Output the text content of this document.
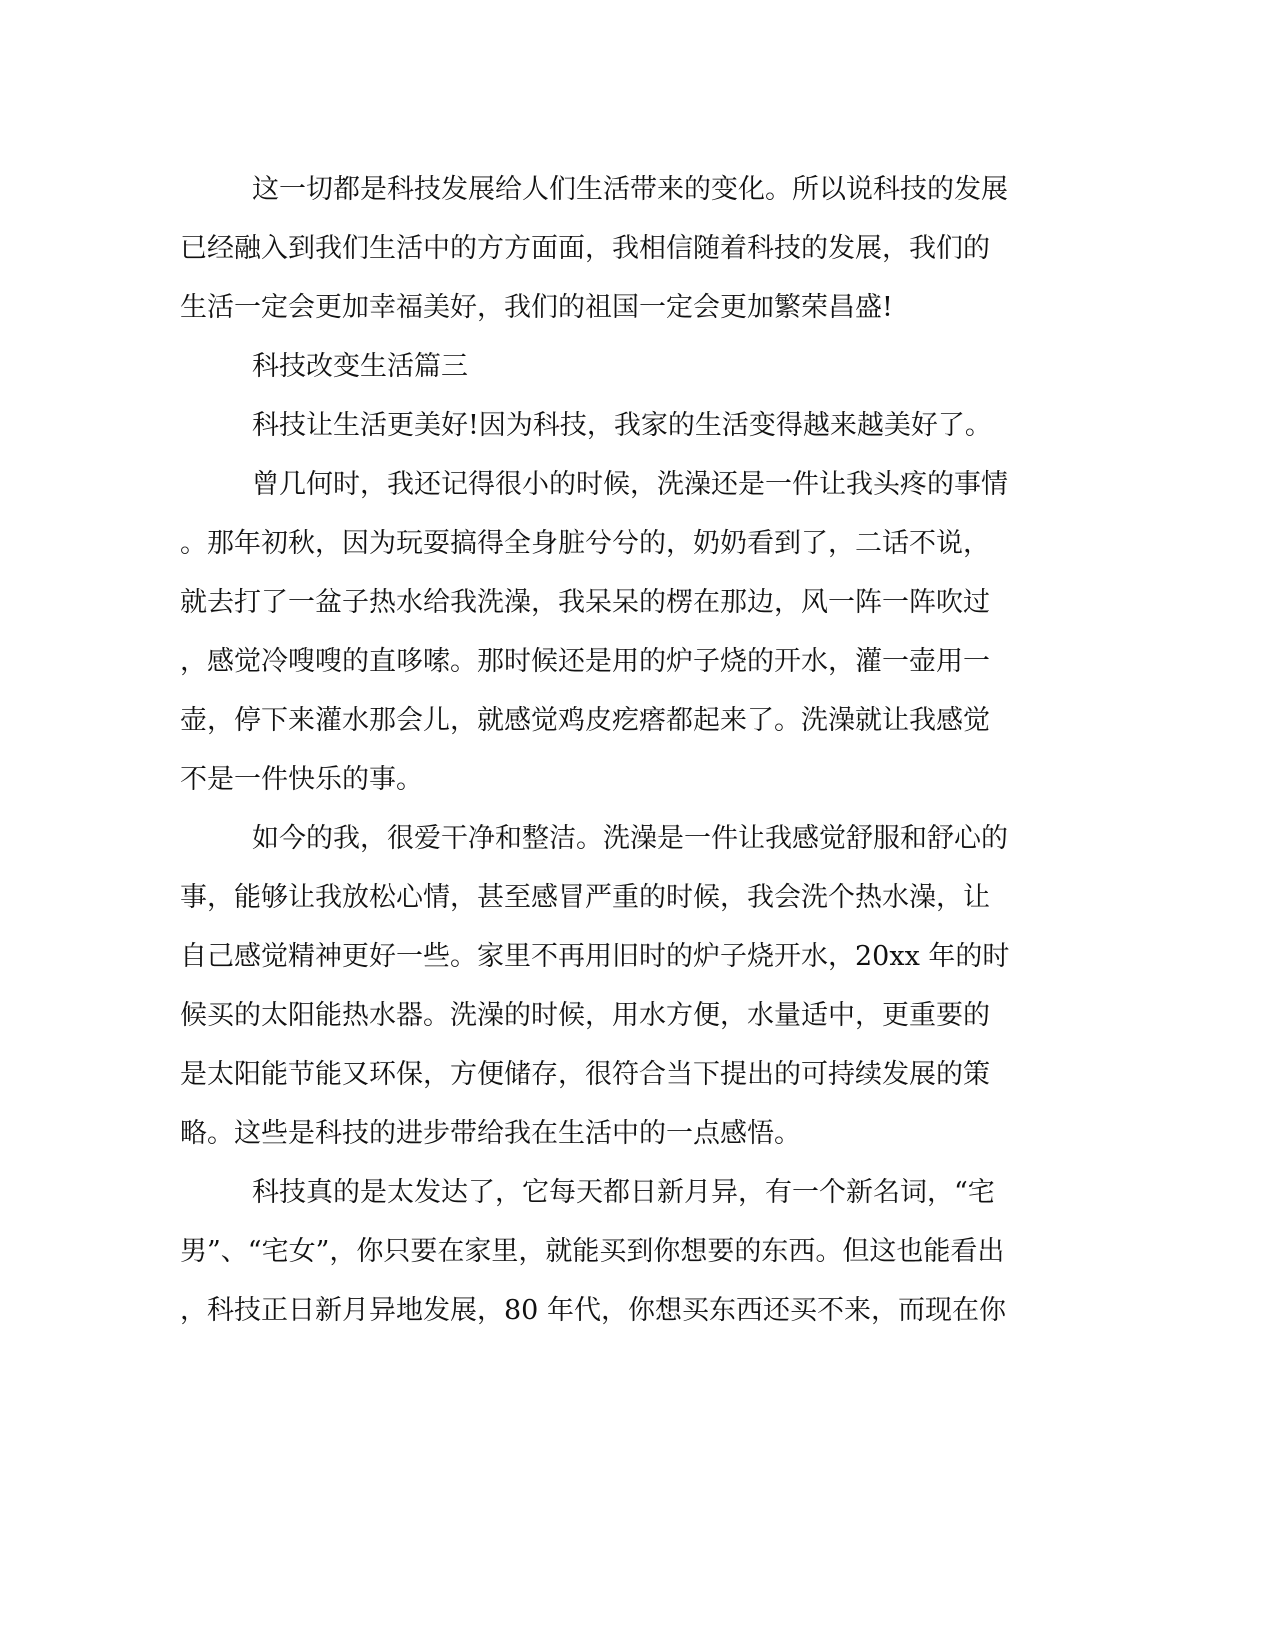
这一切都是科技发展给人们生活带来的变化。所以说科技的发展
已经融入到我们生活中的方方面面，我相信随着科技的发展，我们的
生活一定会更加幸福美好，我们的祖国一定会更加繁荣昌盛!
科技改变生活篇三
科技让生活更美好!因为科技，我家的生活变得越来越美好了。
曾几何时，我还记得很小的时候，洗澡还是一件让我头疼的事情
。那年初秋，因为玩耍搞得全身脏兮兮的，奶奶看到了，二话不说，
就去打了一盆子热水给我洗澡，我呆呆的楞在那边，风一阵一阵吹过
，感觉冷嗖嗖的直哆嗦。那时候还是用的炉子烧的开水，灌一壶用一
壶，停下来灌水那会儿，就感觉鸡皮疙瘩都起来了。洗澡就让我感觉
不是一件快乐的事。
如今的我，很爱干净和整洁。洗澡是一件让我感觉舒服和舒心的
事，能够让我放松心情，甚至感冒严重的时候，我会洗个热水澡，让
自己感觉精神更好一些。家里不再用旧时的炉子烧开水，20xx 年的时
候买的太阳能热水器。洗澡的时候，用水方便，水量适中，更重要的
是太阳能节能又环保，方便储存，很符合当下提出的可持续发展的策
略。这些是科技的进步带给我在生活中的一点感悟。
科技真的是太发达了，它每天都日新月异，有一个新名词，“宅
男”、“宅女”，你只要在家里，就能买到你想要的东西。但这也能看出
，科技正日新月异地发展，80 年代，你想买东西还买不来，而现在你
